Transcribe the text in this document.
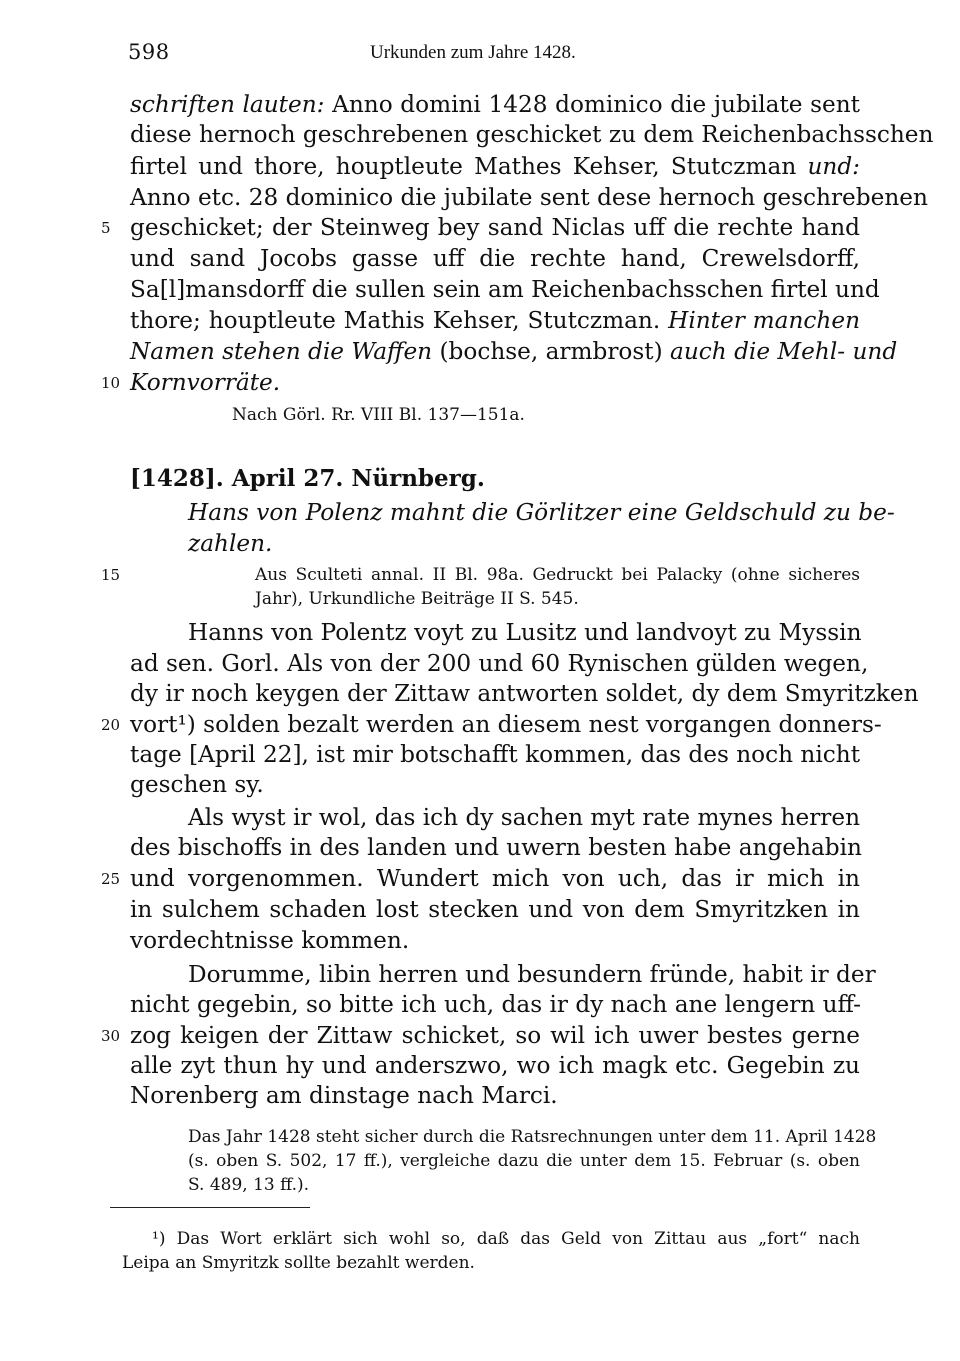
598	Urkunden zum Jahre 1428.
schriften lauten: Anno domini 1428 dominico die jubilate sent
diese hernoch geschrebenen geschicket zu dem Reichenbachsschen
firtel und thore, houptleute Mathes Kehser, Stutczman und:
Anno etc. 28 dominico die jubilate sent dese hernoch geschrebenen
5 geschicket; der Steinweg bey sand Niclas uff die rechte hand
und sand Jocobs gasse uff die rechte hand, Crewelsdorff,
Sa[l]mansdorff die sullen sein am Reichenbachsschen firtel und
thore; houptleute Mathis Kehser, Stutczman. Hinter manchen
Namen stehen die Waffen (bochse, armbrost) auch die Mehl- und
10 Kornvorräte.
Nach Görl. Rr. VIII Bl. 137—151a.
[1428]. April 27. Nürnberg.
Hans von Polenz mahnt die Görlitzer eine Geldschuld zu be-
zahlen.
15	Aus Sculteti annal. II Bl. 98a. Gedruckt bei Palacky (ohne sicheres
Jahr), Urkundliche Beiträge II S. 545.
Hanns von Polentz voyt zu Lusitz und landvoyt zu Myssin
ad sen. Gorl. Als von der 200 und 60 Rynischen gülden wegen,
dy ir noch keygen der Zittaw antworten soldet, dy dem Smyritzken
20 vort¹) solden bezalt werden an diesem nest vorgangen donners-
tage [April 22], ist mir botschafft kommen, das des noch nicht
geschen sy.
Als wyst ir wol, das ich dy sachen myt rate mynes herren
des bischoffs in des landen und uwern besten habe angehabin
25 und vorgenommen. Wundert mich von uch, das ir mich in
in sulchem schaden lost stecken und von dem Smyritzken in
vordechtnisse kommen.
Dorumme, libin herren und besundern fründe, habit ir der
nicht gegebin, so bitte ich uch, das ir dy nach ane lengern uff-
30 zog keigen der Zittaw schicket, so wil ich uwer bestes gerne
alle zyt thun hy und anderszwo, wo ich magk etc. Gegebin zu
Norenberg am dinstage nach Marci.
Das Jahr 1428 steht sicher durch die Ratsrechnungen unter dem 11. April 1428
(s. oben S. 502, 17 ff.), vergleiche dazu die unter dem 15. Februar (s. oben
S. 489, 13 ff.).
¹) Das Wort erklärt sich wohl so, daß das Geld von Zittau aus „fort“ nach
Leipa an Smyritzk sollte bezahlt werden.
